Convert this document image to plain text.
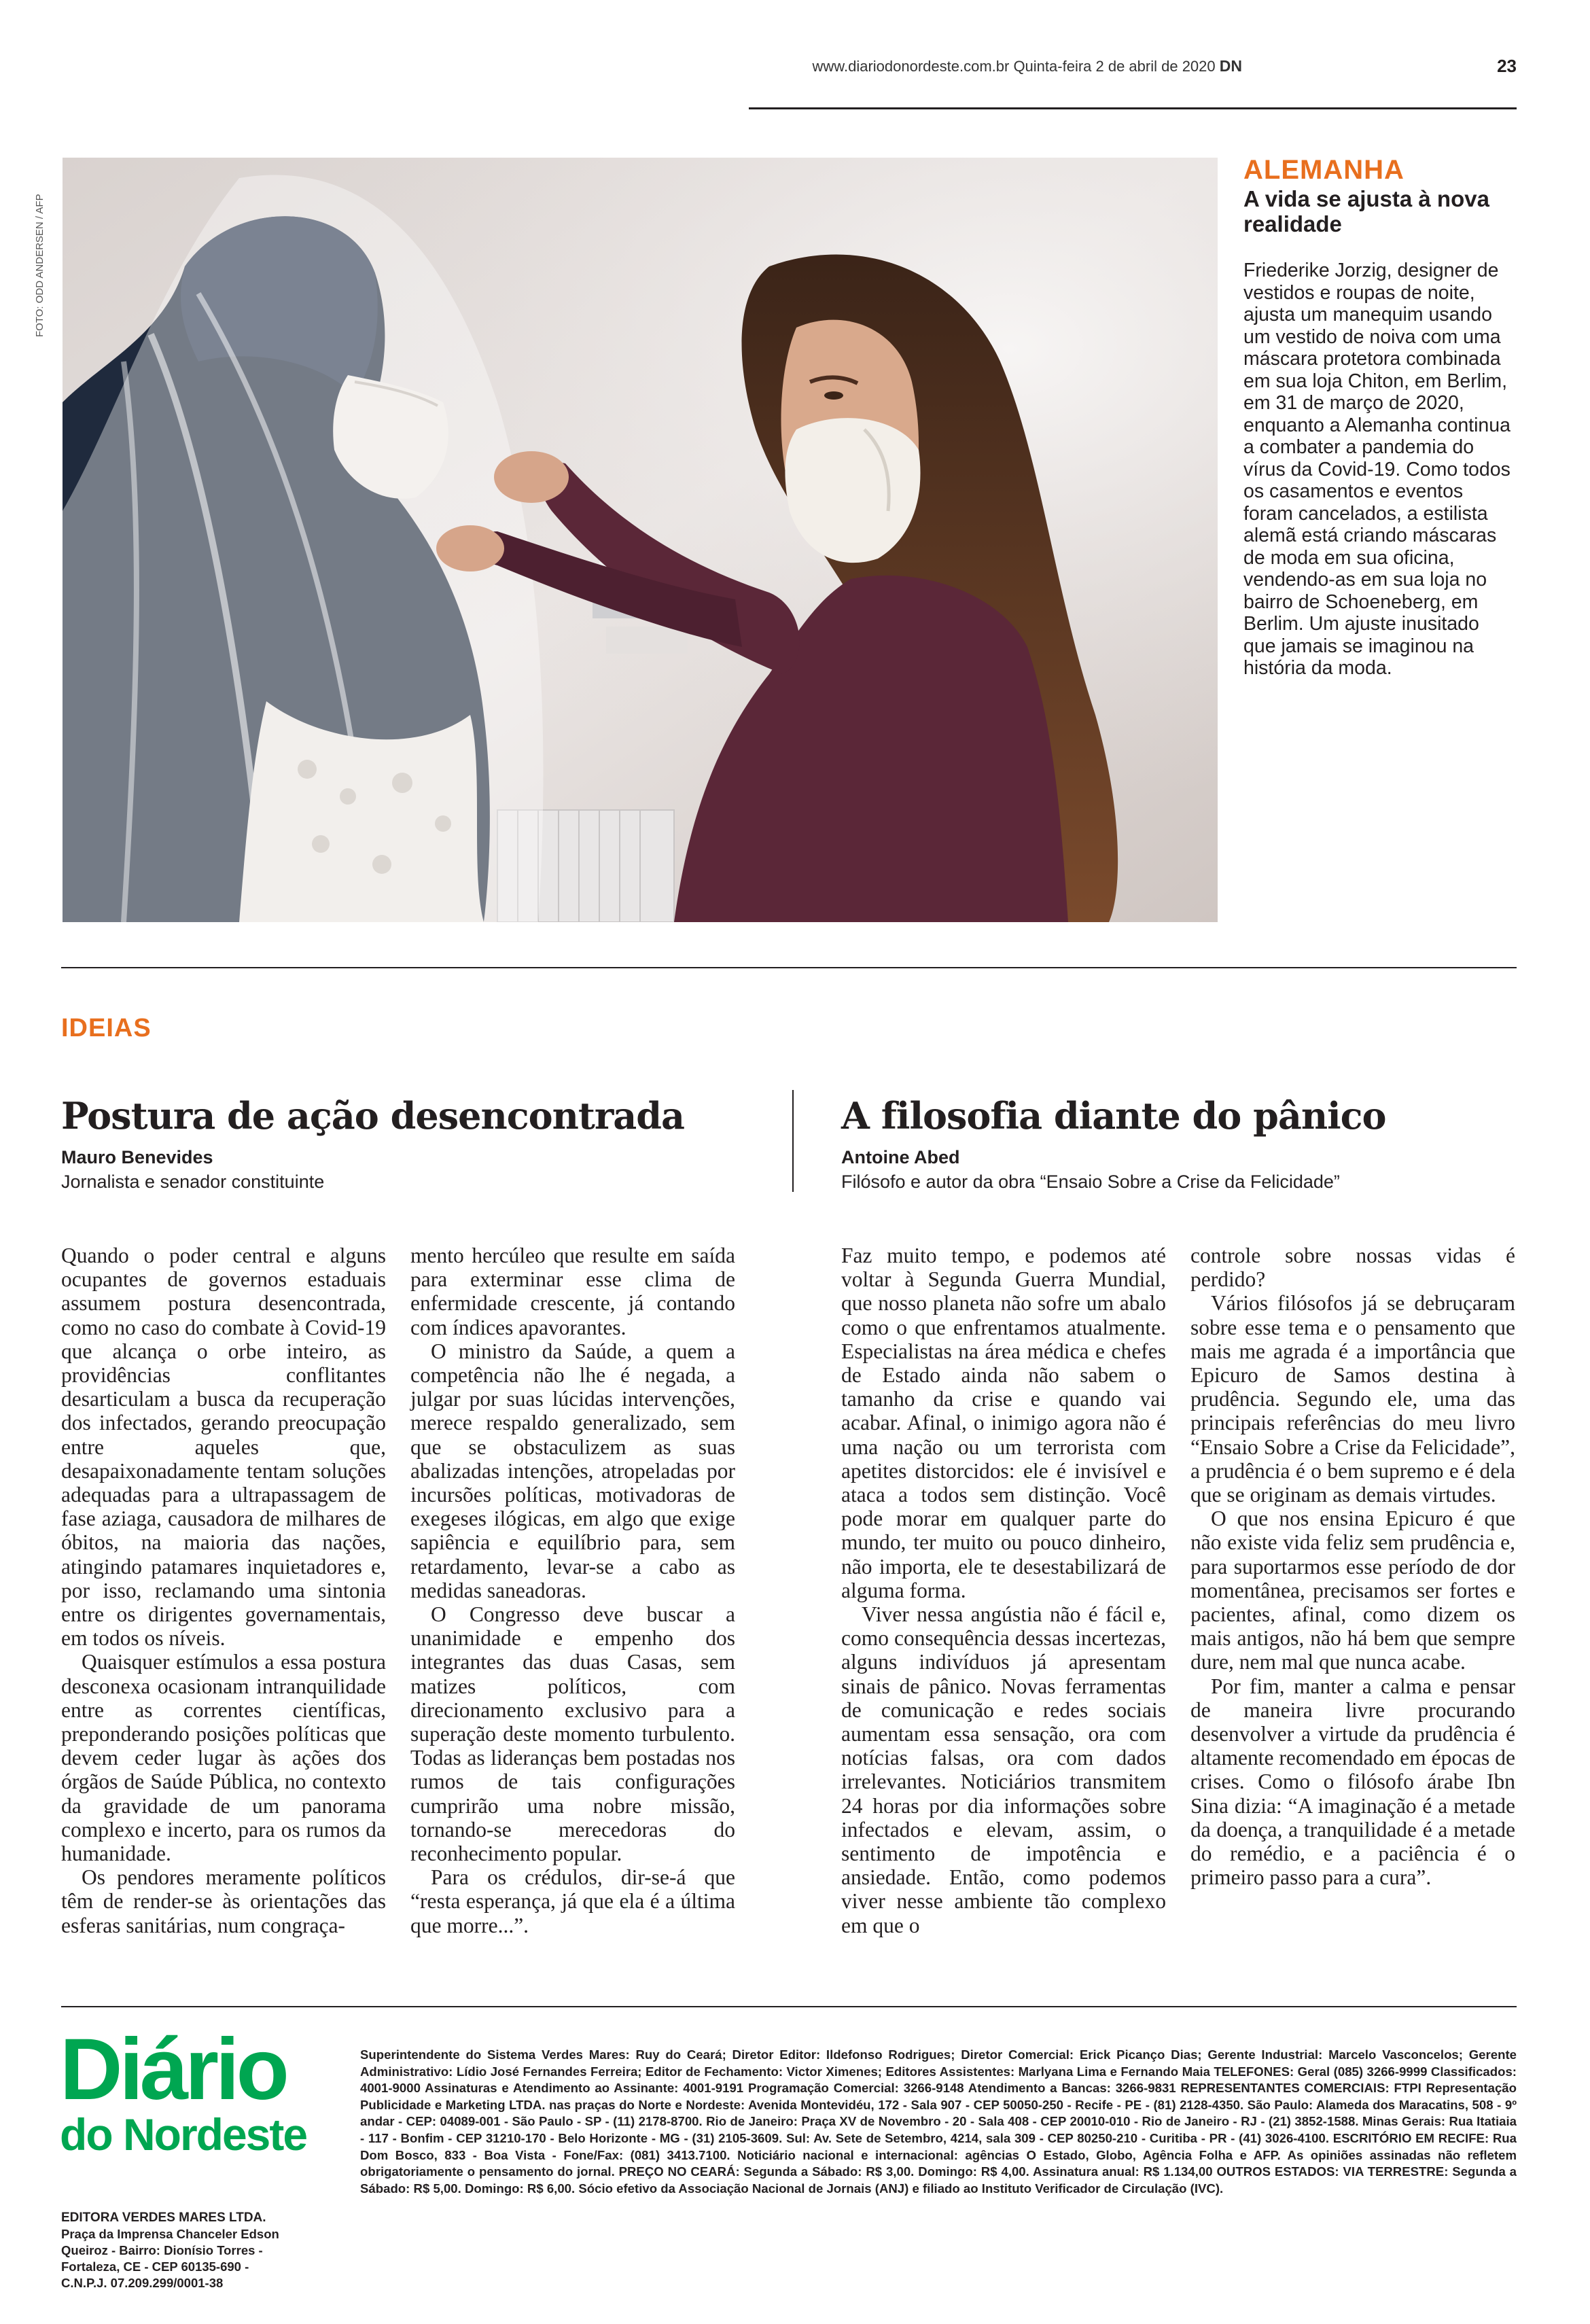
www.diariodonordeste.com.br Quinta-feira 2 de abril de 2020 DN	23
FOTO: ODD ANDERSEN / AFP
ALEMANHA
A vida se ajusta à nova realidade
Friederike Jorzig, designer de vestidos e roupas de noite, ajusta um manequim usando um vestido de noiva com uma máscara protetora combinada em sua loja Chiton, em Berlim, em 31 de março de 2020, enquanto a Alemanha continua a combater a pandemia do vírus da Covid-19. Como todos os casamentos e eventos foram cancelados, a estilista alemã está criando máscaras de moda em sua oficina, vendendo-as em sua loja no bairro de Schoeneberg, em Berlim. Um ajuste inusitado que jamais se imaginou na história da moda.
IDEIAS
Postura de ação desencontrada
Mauro Benevides
Jornalista e senador constituinte
A filosofia diante do pânico
Antoine Abed
Filósofo e autor da obra “Ensaio Sobre a Crise da Felicidade”

Quando o poder central e alguns ocupantes de governos estaduais assumem postura desencontrada, como no caso do combate à Covid-19 que alcança o orbe inteiro, as providências conflitantes desarticulam a busca da recuperação dos infectados, gerando preocupação entre aqueles que, desapaixonadamente tentam soluções adequadas para a ultrapassagem de fase aziaga, causadora de milhares de óbitos, na maioria das nações, atingindo patamares inquietadores e, por isso, reclamando uma sintonia entre os dirigentes governamentais, em todos os níveis.

Quaisquer estímulos a essa postura desconexa ocasionam intranquilidade entre as correntes científicas, preponderando posições políticas que devem ceder lugar às ações dos órgãos de Saúde Pública, no contexto da gravidade de um panorama complexo e incerto, para os rumos da humanidade.

Os pendores meramente políticos têm de render-se às orientações das esferas sanitárias, num congraça-

mento hercúleo que resulte em saída para exterminar esse clima de enfermidade crescente, já contando com índices apavorantes.

O ministro da Saúde, a quem a competência não lhe é negada, a julgar por suas lúcidas intervenções, merece respaldo generalizado, sem que se obstaculizem as suas abalizadas intenções, atropeladas por incursões políticas, motivadoras de exegeses ilógicas, em algo que exige sapiência e equilíbrio para, sem retardamento, levar-se a cabo as medidas saneadoras.

O Congresso deve buscar a unanimidade e empenho dos integrantes das duas Casas, sem matizes políticos, com direcionamento exclusivo para a superação deste momento turbulento. Todas as lideranças bem postadas nos rumos de tais configurações cumprirão uma nobre missão, tornando-se merecedoras do reconhecimento popular.

Para os crédulos, dir-se-á que “resta esperança, já que ela é a última que morre...”.

Faz muito tempo, e podemos até voltar à Segunda Guerra Mundial, que nosso planeta não sofre um abalo como o que enfrentamos atualmente. Especialistas na área médica e chefes de Estado ainda não sabem o tamanho da crise e quando vai acabar. Afinal, o inimigo agora não é uma nação ou um terrorista com apetites distorcidos: ele é invisível e ataca a todos sem distinção. Você pode morar em qualquer parte do mundo, ter muito ou pouco dinheiro, não importa, ele te desestabilizará de alguma forma.

Viver nessa angústia não é fácil e, como consequência dessas incertezas, alguns indivíduos já apresentam sinais de pânico. Novas ferramentas de comunicação e redes sociais aumentam essa sensação, ora com notícias falsas, ora com dados irrelevantes. Noticiários transmitem 24 horas por dia informações sobre infectados e elevam, assim, o sentimento de impotência e ansiedade. Então, como podemos viver nesse ambiente tão complexo em que o

controle sobre nossas vidas é perdido?

Vários filósofos já se debruçaram sobre esse tema e o pensamento que mais me agrada é a importância que Epicuro de Samos destina à prudência. Segundo ele, uma das principais referências do meu livro “Ensaio Sobre a Crise da Felicidade”, a prudência é o bem supremo e é dela que se originam as demais virtudes.

O que nos ensina Epicuro é que não existe vida feliz sem prudência e, para suportarmos esse período de dor momentânea, precisamos ser fortes e pacientes, afinal, como dizem os mais antigos, não há bem que sempre dure, nem mal que nunca acabe.

Por fim, manter a calma e pensar de maneira livre procurando desenvolver a virtude da prudência é altamente recomendado em épocas de crises. Como o filósofo árabe Ibn Sina dizia: “A imaginação é a metade da doença, a tranquilidade é a metade do remédio, e a paciência é o primeiro passo para a cura”.

Diário
do Nordeste
EDITORA VERDES MARES LTDA.
Praça da Imprensa Chanceler Edson
Queiroz - Bairro: Dionísio Torres -
Fortaleza, CE - CEP 60135-690 -
C.N.P.J. 07.209.299/0001-38
Superintendente do Sistema Verdes Mares: Ruy do Ceará; Diretor Editor: Ildefonso Rodrigues; Diretor Comercial: Erick Picanço Dias; Gerente Industrial: Marcelo Vasconcelos; Gerente Administrativo: Lídio José Fernandes Ferreira; Editor de Fechamento: Victor Ximenes; Editores Assistentes: Marlyana Lima e Fernando Maia TELEFONES: Geral (085) 3266-9999 Classificados: 4001-9000 Assinaturas e Atendimento ao Assinante: 4001-9191 Programação Comercial: 3266-9148 Atendimento a Bancas: 3266-9831 REPRESENTANTES COMERCIAIS: FTPI Representação Publicidade e Marketing LTDA. nas praças do Norte e Nordeste: Avenida Montevidéu, 172 - Sala 907 - CEP 50050-250 - Recife - PE - (81) 2128-4350. São Paulo: Alameda dos Maracatins, 508 - 9º andar - CEP: 04089-001 - São Paulo - SP - (11) 2178-8700. Rio de Janeiro: Praça XV de Novembro - 20 - Sala 408 - CEP 20010-010 - Rio de Janeiro - RJ - (21) 3852-1588. Minas Gerais: Rua Itatiaia - 117 - Bonfim - CEP 31210-170 - Belo Horizonte - MG - (31) 2105-3609. Sul: Av. Sete de Setembro, 4214, sala 309 - CEP 80250-210 - Curitiba - PR - (41) 3026-4100. ESCRITÓRIO EM RECIFE: Rua Dom Bosco, 833 - Boa Vista - Fone/Fax: (081) 3413.7100. Noticiário nacional e internacional: agências O Estado, Globo, Agência Folha e AFP. As opiniões assinadas não refletem obrigatoriamente o pensamento do jornal. PREÇO NO CEARÁ: Segunda a Sábado: R$ 3,00. Domingo: R$ 4,00. Assinatura anual: R$ 1.134,00 OUTROS ESTADOS: VIA TERRESTRE: Segunda a Sábado: R$ 5,00. Domingo: R$ 6,00. Sócio efetivo da Associação Nacional de Jornais (ANJ) e filiado ao Instituto Verificador de Circulação (IVC).
